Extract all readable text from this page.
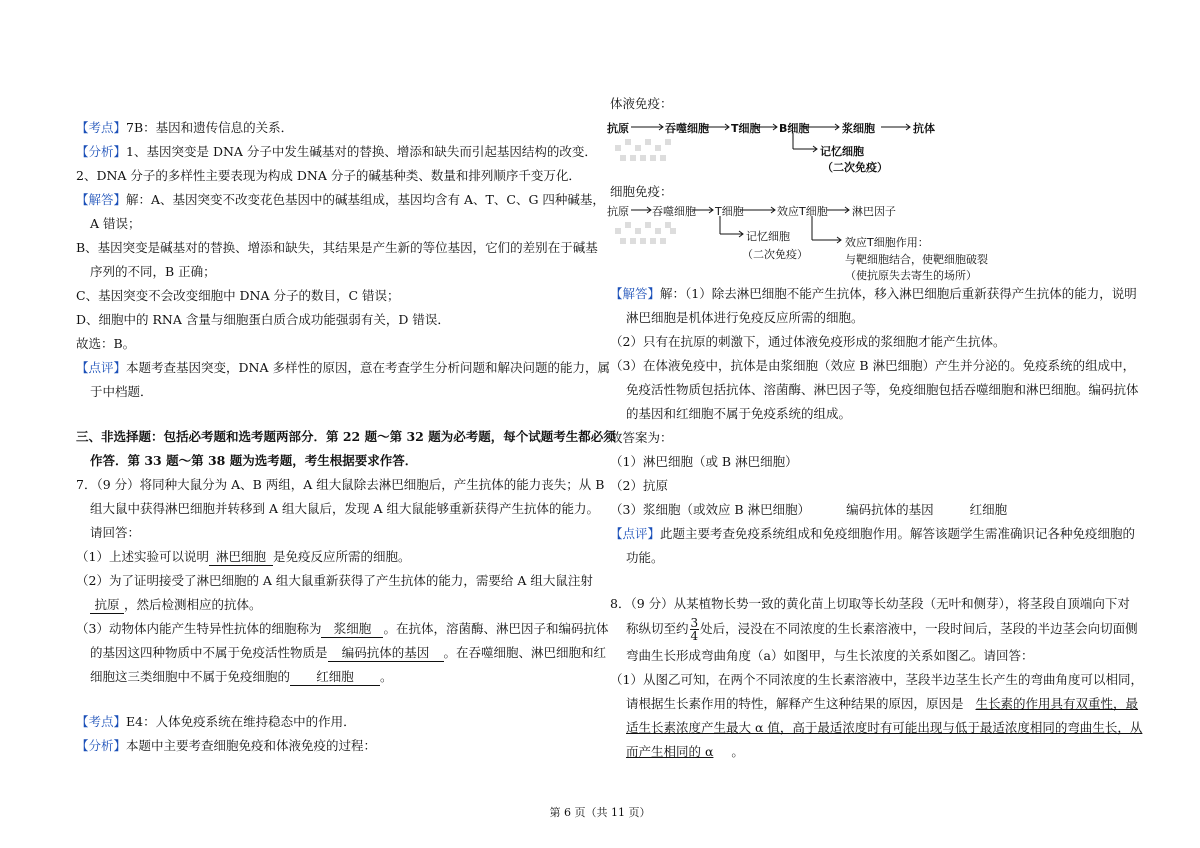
【考点】7B：基因和遗传信息的关系．
【分析】1、基因突变是 DNA 分子中发生碱基对的替换、增添和缺失而引起基因结构的改变．
2、DNA 分子的多样性主要表现为构成 DNA 分子的碱基种类、数量和排列顺序千变万化．
【解答】解：A、基因突变不改变花色基因中的碱基组成，基因均含有 A、T、C、G 四种碱基，
A 错误；
B、基因突变是碱基对的替换、增添和缺失，其结果是产生新的等位基因，它们的差别在于碱基
序列的不同，B 正确；
C、基因突变不会改变细胞中 DNA 分子的数目，C 错误；
D、细胞中的 RNA 含量与细胞蛋白质合成功能强弱有关，D 错误．
故选：B。
【点评】本题考查基因突变，DNA 多样性的原因，意在考查学生分析问题和解决问题的能力，属
于中档题．
三、非选择题：包括必考题和选考题两部分．第 22 题～第 32 题为必考题，每个试题考生都必须
作答．第 33 题～第 38 题为选考题，考生根据要求作答．
7．（9 分）将同种大鼠分为 A、B 两组，A 组大鼠除去淋巴细胞后，产生抗体的能力丧失；从 B
组大鼠中获得淋巴细胞并转移到 A 组大鼠后，发现 A 组大鼠能够重新获得产生抗体的能力。
请回答：
（1）上述实验可以说明 淋巴细胞 是免疫反应所需的细胞。
（2）为了证明接受了淋巴细胞的 A 组大鼠重新获得了产生抗体的能力，需要给 A 组大鼠注射
抗原 ，然后检测相应的抗体。
（3）动物体内能产生特异性抗体的细胞称为 浆细胞 。在抗体，溶菌酶、淋巴因子和编码抗体
的基因这四种物质中不属于免疫活性物质是 编码抗体的基因 。在吞噬细胞、淋巴细胞和红
细胞这三类细胞中不属于免疫细胞的 红细胞 。
【考点】E4：人体免疫系统在维持稳态中的作用．
【分析】本题中主要考查细胞免疫和体液免疫的过程：
体液免疫：
抗原	吞噬细胞 T细胞 B细胞	浆细胞	抗体
记忆细胞
（二次免疫）
细胞免疫：
抗原 吞噬细胞 T细胞	效应T细胞 淋巴因子
记忆细胞
（二次免疫）
效应T细胞作用：
与靶细胞结合，使靶细胞破裂
（使抗原失去寄生的场所）
【解答】解：（1）除去淋巴细胞不能产生抗体，移入淋巴细胞后重新获得产生抗体的能力，说明
淋巴细胞是机体进行免疫反应所需的细胞。
（2）只有在抗原的刺激下，通过体液免疫形成的浆细胞才能产生抗体。
（3）在体液免疫中，抗体是由浆细胞（效应 B 淋巴细胞）产生并分泌的。免疫系统的组成中，
免疫活性物质包括抗体、溶菌酶、淋巴因子等，免疫细胞包括吞噬细胞和淋巴细胞。编码抗体
的基因和红细胞不属于免疫系统的组成。
故答案为：
（1）淋巴细胞（或 B 淋巴细胞）
（2）抗原
（3）浆细胞（或效应 B 淋巴细胞）	编码抗体的基因	红细胞
【点评】此题主要考查免疫系统组成和免疫细胞作用。解答该题学生需准确识记各种免疫细胞的
功能。
8．（9 分）从某植物长势一致的黄化苗上切取等长幼茎段（无叶和侧芽），将茎段自顶端向下对
称纵切至约 $\frac{3}{4}$ 处后，浸没在不同浓度的生长素溶液中，一段时间后，茎段的半边茎会向切面侧
弯曲生长形成弯曲角度（a）如图甲，与生长浓度的关系如图乙。请回答：
（1）从图乙可知，在两个不同浓度的生长素溶液中，茎段半边茎生长产生的弯曲角度可以相同，
请根据生长素作用的特性，解释产生这种结果的原因，原因是 生长素的作用具有双重性，最
适生长素浓度产生最大 α 值，高于最适浓度时有可能出现与低于最适浓度相同的弯曲生长，从
而产生相同的 α 。
第 6 页（共 11 页）
